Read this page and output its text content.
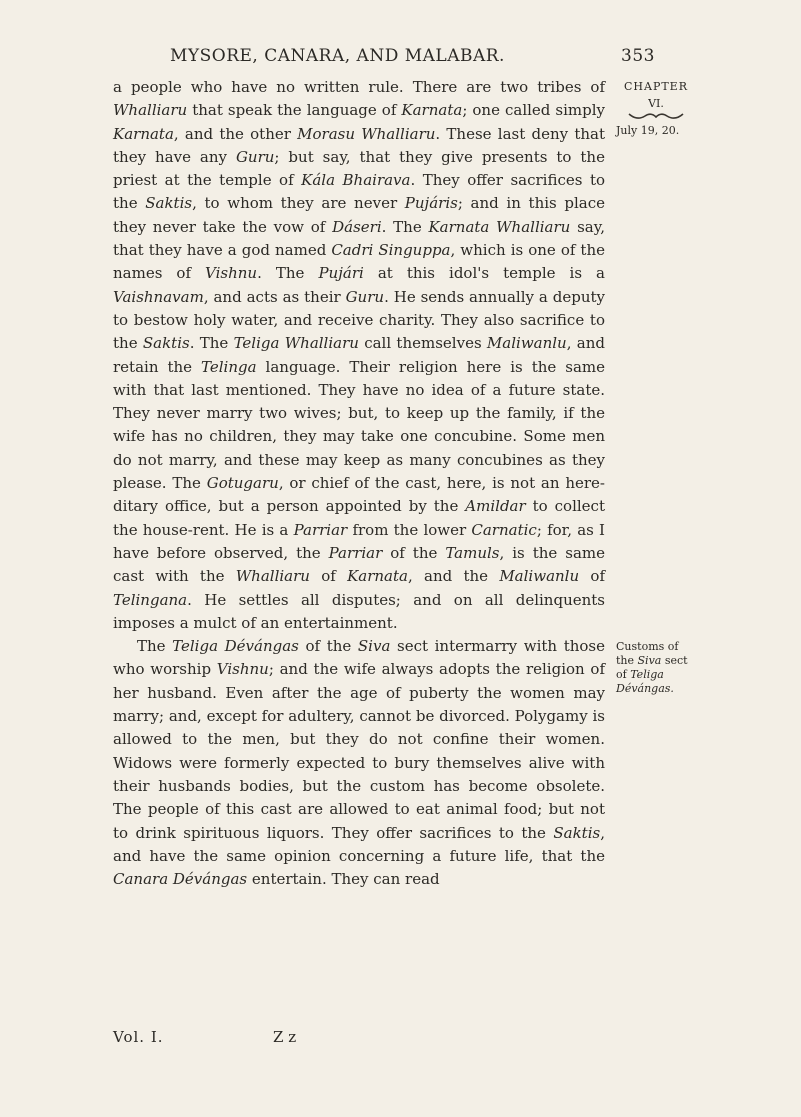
MYSORE, CANARA, AND MALABAR.	353
CHAPTER
VI.
July 19, 20.
Customs of
the Siva sect
of Teliga
Dévángas.

a people who have no written rule. There are two tribes of Whalliaru that speak the language of Karnata; one called simply Karnata, and the other Morasu Whalliaru. These last deny that they have any Guru; but say, that they give presents to the priest at the temple of Kála Bhairava. They offer sacrifices to the Saktis, to whom they are never Pujáris; and in this place they never take the vow of Dáseri. The Karnata Whalliaru say, that they have a god named Cadri Singuppa, which is one of the names of Vishnu. The Pujári at this idol's temple is a Vaishnavam, and acts as their Guru. He sends annually a deputy to bestow holy water, and receive charity. They also sacrifice to the Saktis. The Teliga Whalliaru call themselves Maliwanlu, and retain the Telinga language. Their religion here is the same with that last mentioned. They have no idea of a future state. They never marry two wives; but, to keep up the family, if the wife has no children, they may take one concubine. Some men do not marry, and these may keep as many concubines as they please. The Gotugaru, or chief of the cast, here, is not an hereditary office, but a person appointed by the Amildar to collect the house-rent. He is a Parriar from the lower Carnatic; for, as I have before observed, the Parriar of the Tamuls, is the same cast with the Whalliaru of Karnata, and the Maliwanlu of Telingana. He settles all disputes; and on all delinquents imposes a mulct of an entertainment.

The Teliga Dévángas of the Siva sect intermarry with those who worship Vishnu; and the wife always adopts the religion of her husband. Even after the age of puberty the women may marry; and, except for adultery, cannot be divorced. Polygamy is allowed to the men, but they do not confine their women. Widows were formerly expected to bury themselves alive with their husbands bodies, but the custom has become obsolete. The people of this cast are allowed to eat animal food; but not to drink spirituous liquors. They offer sacrifices to the Saktis, and have the same opinion concerning a future life, that the Canara Dévángas entertain. They can read

Vol. I.	Z z
